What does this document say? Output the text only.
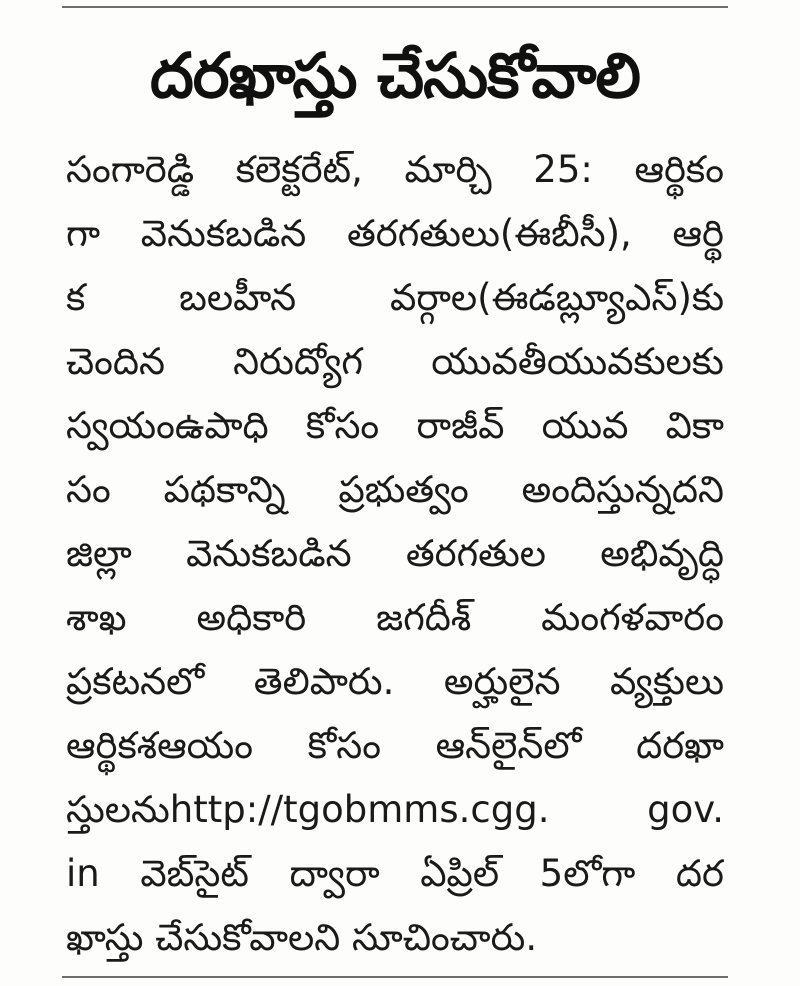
దరఖాస్తు చేసుకోవాలి
సంగారెడ్డి కలెక్టరేట్, మార్చి 25: ఆర్థికం
గా వెనుకబడిన తరగతులు(ఈబీసీ), ఆర్థి
క బలహీన వర్గాల(ఈడబ్ల్యూఎస్)కు
చెందిన నిరుద్యోగ యువతీయువకులకు
స్వయంఉపాధి కోసం రాజీవ్ యువ వికా
సం పథకాన్ని ప్రభుత్వం అందిస్తున్నదని
జిల్లా వెనుకబడిన తరగతుల అభివృద్ధి
శాఖ అధికారి జగదీశ్ మంగళవారం
ప్రకటనలో తెలిపారు. అర్హులైన వ్యక్తులు
ఆర్థికశఆయం కోసం ఆన్‌లైన్‌లో దరఖా
స్తులనుhttp://tgobmms.cgg. gov.
in వెబ్‌సైట్ ద్వారా ఏప్రిల్ 5లోగా దర
ఖాస్తు చేసుకోవాలని సూచించారు.
